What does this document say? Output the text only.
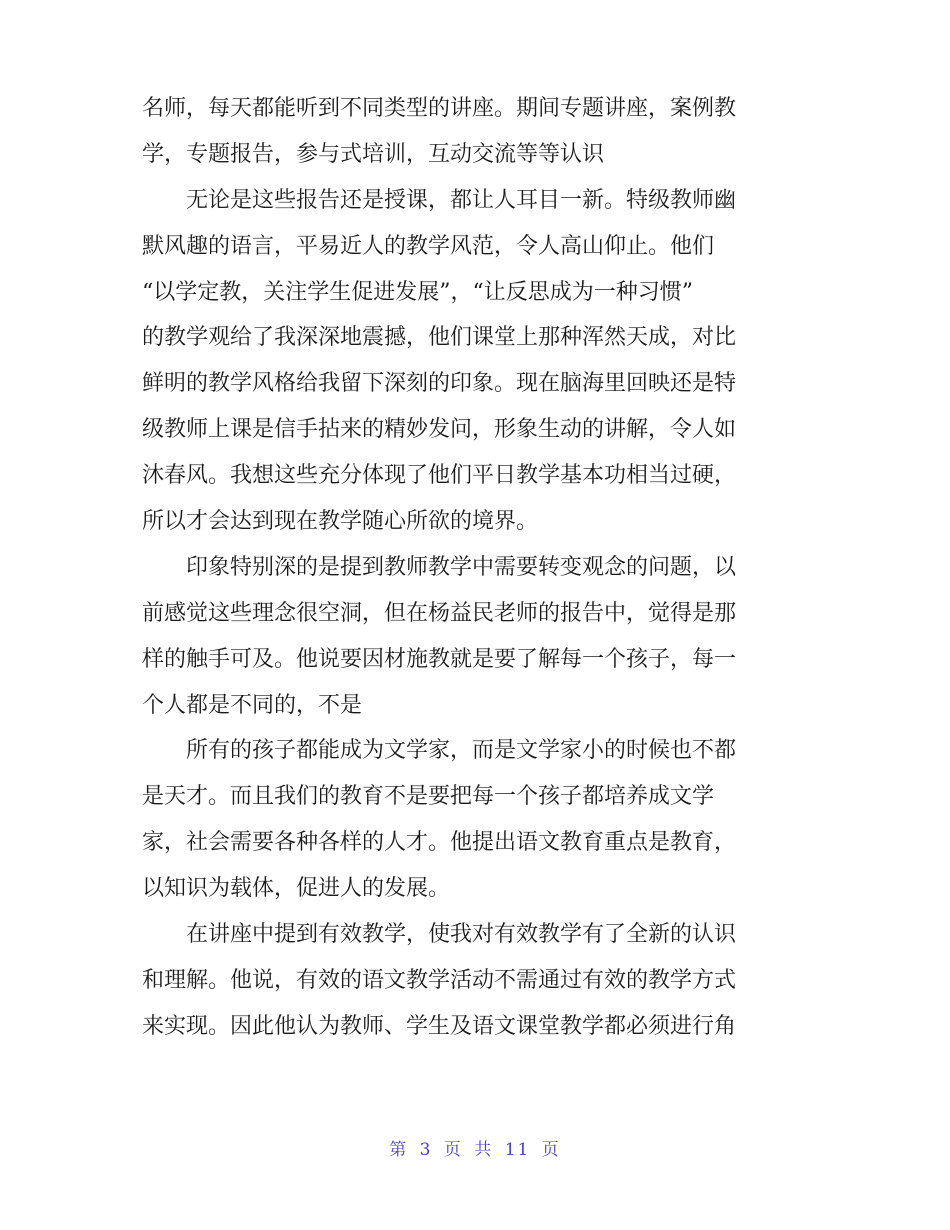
名师，每天都能听到不同类型的讲座。期间专题讲座，案例教
学，专题报告，参与式培训，互动交流等等认识

　　无论是这些报告还是授课，都让人耳目一新。特级教师幽
默风趣的语言，平易近人的教学风范，令人高山仰止。他们
“以学定教，关注学生促进发展”，“让反思成为一种习惯”
的教学观给了我深深地震撼，他们课堂上那种浑然天成，对比
鲜明的教学风格给我留下深刻的印象。现在脑海里回映还是特
级教师上课是信手拈来的精妙发问，形象生动的讲解，令人如
沐春风。我想这些充分体现了他们平日教学基本功相当过硬，
所以才会达到现在教学随心所欲的境界。

　　印象特别深的是提到教师教学中需要转变观念的问题，以
前感觉这些理念很空洞，但在杨益民老师的报告中，觉得是那
样的触手可及。他说要因材施教就是要了解每一个孩子，每一
个人都是不同的，不是

　　所有的孩子都能成为文学家，而是文学家小的时候也不都
是天才。而且我们的教育不是要把每一个孩子都培养成文学
家，社会需要各种各样的人才。他提出语文教育重点是教育，
以知识为载体，促进人的发展。

　　在讲座中提到有效教学，使我对有效教学有了全新的认识
和理解。他说，有效的语文教学活动不需通过有效的教学方式
来实现。因此他认为教师、学生及语文课堂教学都必须进行角

第 3 页 共 11 页
